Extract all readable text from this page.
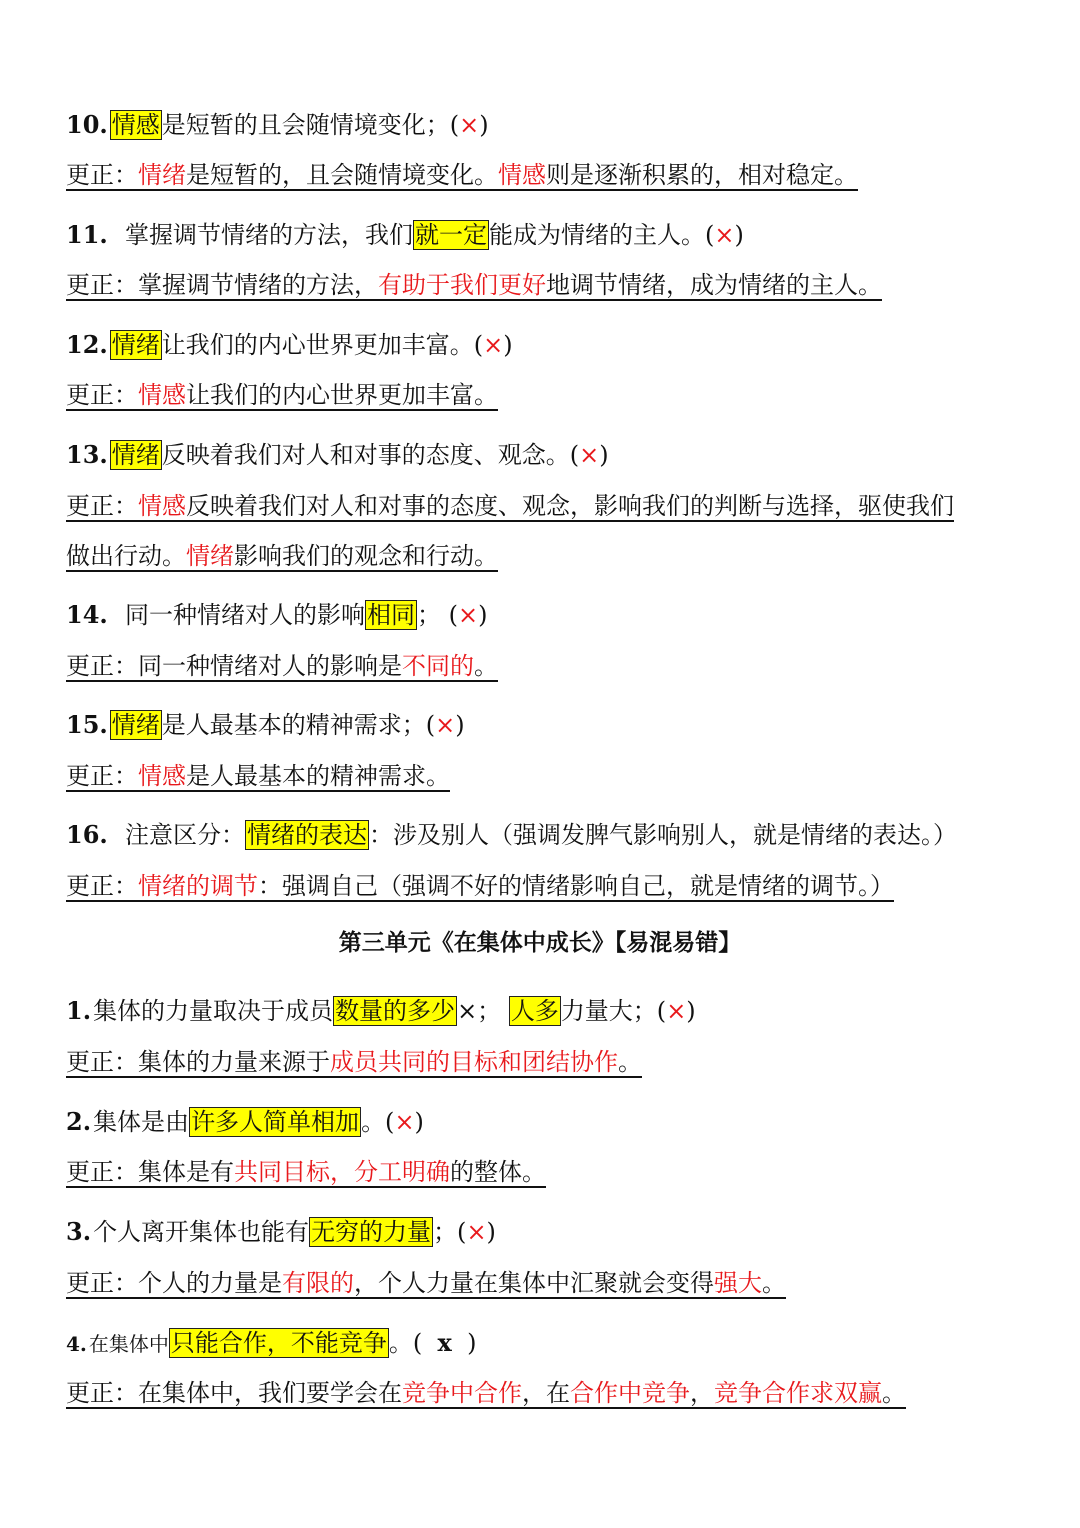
10. 情感是短暂的且会随情境变化；(×)
更正：情绪是短暂的，且会随情境变化。情感则是逐渐积累的，相对稳定。
11. 掌握调节情绪的方法，我们就一定能成为情绪的主人。(×)
更正：掌握调节情绪的方法，有助于我们更好地调节情绪，成为情绪的主人。
12. 情绪让我们的内心世界更加丰富。(×)
更正：情感让我们的内心世界更加丰富。
13. 情绪反映着我们对人和对事的态度、观念。(×)
更正：情感反映着我们对人和对事的态度、观念，影响我们的判断与选择，驱使我们
做出行动。情绪影响我们的观念和行动。
14. 同一种情绪对人的影响相同； (×)
更正：同一种情绪对人的影响是不同的。
15. 情绪是人最基本的精神需求；(×)
更正：情感是人最基本的精神需求。
16. 注意区分：情绪的表达：涉及别人（强调发脾气影响别人，就是情绪的表达。）
更正：情绪的调节：强调自己（强调不好的情绪影响自己，就是情绪的调节。）
第三单元《在集体中成长》【易混易错】
1.集体的力量取决于成员数量的多少×； 人多力量大；(×)
更正：集体的力量来源于成员共同的目标和团结协作。
2.集体是由许多人简单相加。(×)
更正：集体是有共同目标，分工明确的整体。
3.个人离开集体也能有无穷的力量；(×)
更正：个人的力量是有限的，个人力量在集体中汇聚就会变得强大。
4. 在集体中只能合作，不能竞争。( x )
更正：在集体中，我们要学会在竞争中合作，在合作中竞争，竞争合作求双赢。
